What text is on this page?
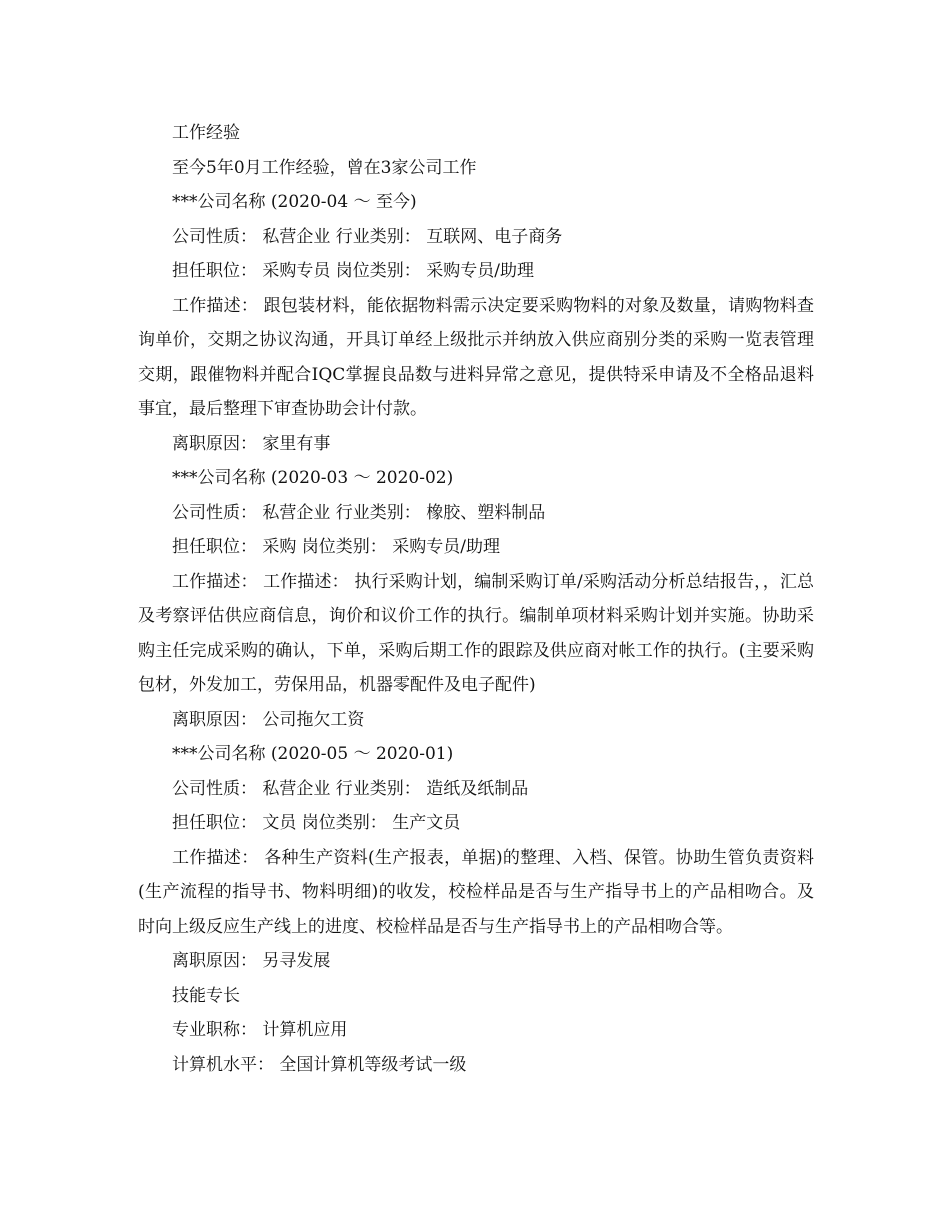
工作经验

至今5年0月工作经验，曾在3家公司工作

***公司名称 (2020-04 ～ 至今)

公司性质： 私营企业 行业类别： 互联网、电子商务

担任职位： 采购专员 岗位类别： 采购专员/助理

工作描述： 跟包装材料，能依据物料需示决定要采购物料的对象及数量，请购物料查询单价，交期之协议沟通，开具订单经上级批示并纳放入供应商别分类的采购一览表管理交期，跟催物料并配合IQC掌握良品数与进料异常之意见，提供特采申请及不全格品退料事宜，最后整理下审查协助会计付款。

离职原因： 家里有事

***公司名称 (2020-03 ～ 2020-02)

公司性质： 私营企业 行业类别： 橡胶、塑料制品

担任职位： 采购 岗位类别： 采购专员/助理

工作描述： 工作描述： 执行采购计划，编制采购订单/采购活动分析总结报告，，汇总及考察评估供应商信息，询价和议价工作的执行。编制单项材料采购计划并实施。协助采购主任完成采购的确认，下单，采购后期工作的跟踪及供应商对帐工作的执行。(主要采购包材，外发加工，劳保用品，机器零配件及电子配件)

离职原因： 公司拖欠工资

***公司名称 (2020-05 ～ 2020-01)

公司性质： 私营企业 行业类别： 造纸及纸制品

担任职位： 文员 岗位类别： 生产文员

工作描述： 各种生产资料(生产报表，单据)的整理、入档、保管。协助生管负责资料(生产流程的指导书、物料明细)的收发，校检样品是否与生产指导书上的产品相吻合。及时向上级反应生产线上的进度、校检样品是否与生产指导书上的产品相吻合等。

离职原因： 另寻发展

技能专长

专业职称： 计算机应用

计算机水平： 全国计算机等级考试一级
